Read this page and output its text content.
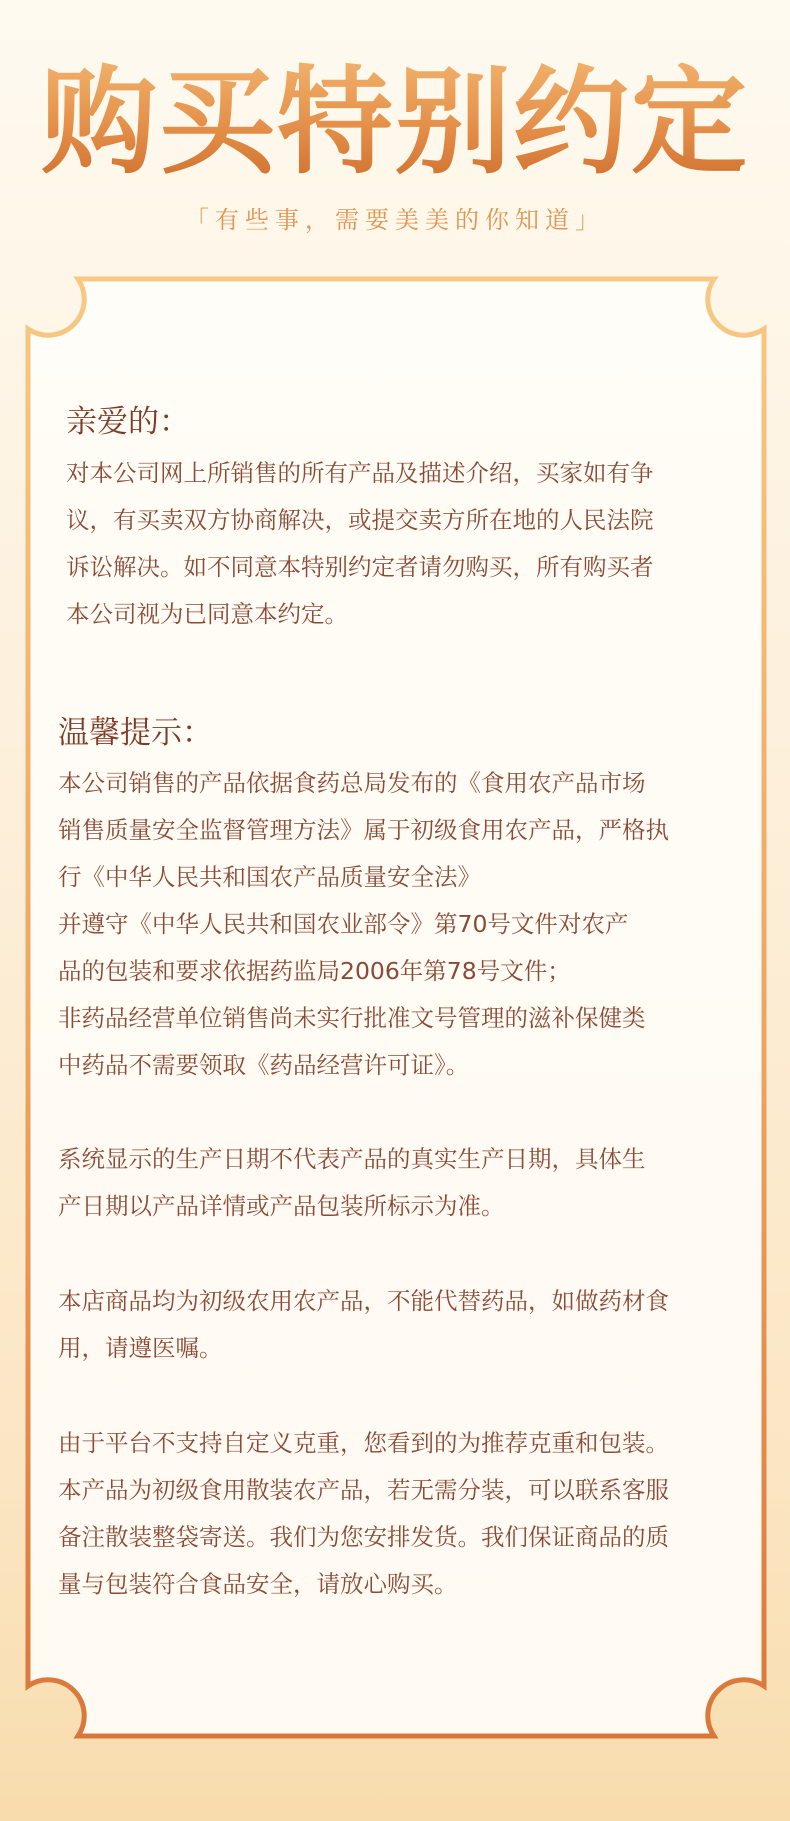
购买特别约定
「有些事，需要美美的你知道」
亲爱的：
对本公司网上所销售的所有产品及描述介绍，买家如有争
议，有买卖双方协商解决，或提交卖方所在地的人民法院
诉讼解决。如不同意本特别约定者请勿购买，所有购买者
本公司视为已同意本约定。
温馨提示：
本公司销售的产品依据食药总局发布的《食用农产品市场
销售质量安全监督管理方法》属于初级食用农产品，严格执
行《中华人民共和国农产品质量安全法》
并遵守《中华人民共和国农业部令》第70号文件对农产
品的包装和要求依据药监局2006年第78号文件；
非药品经营单位销售尚未实行批准文号管理的滋补保健类
中药品不需要领取《药品经营许可证》。
系统显示的生产日期不代表产品的真实生产日期，具体生
产日期以产品详情或产品包装所标示为准。
本店商品均为初级农用农产品，不能代替药品，如做药材食
用，请遵医嘱。
由于平台不支持自定义克重，您看到的为推荐克重和包装。
本产品为初级食用散装农产品，若无需分装，可以联系客服
备注散装整袋寄送。我们为您安排发货。我们保证商品的质
量与包装符合食品安全，请放心购买。
